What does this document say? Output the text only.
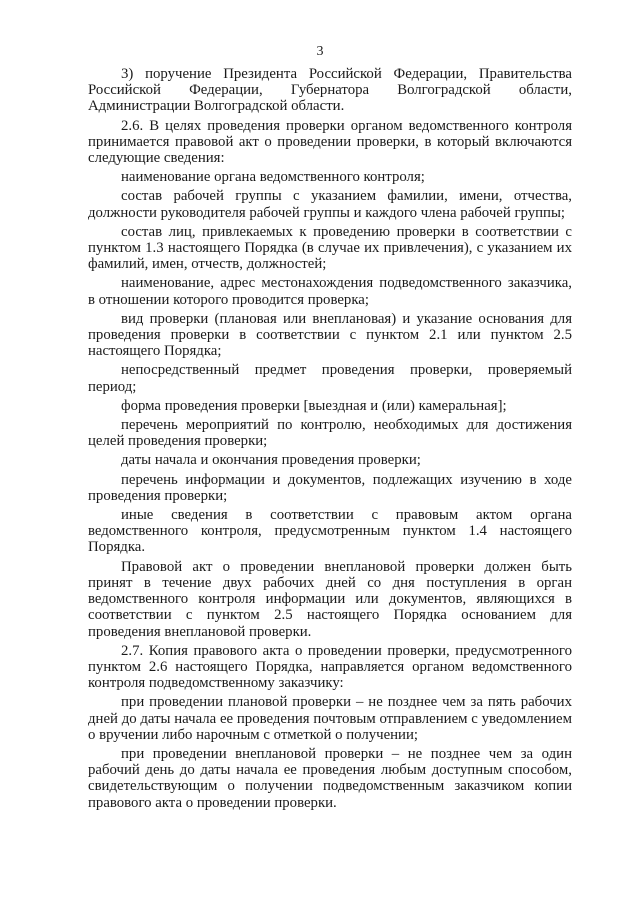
3

3) поручение Президента Российской Федерации, Правительства Российской Федерации, Губернатора Волгоградской области, Администрации Волгоградской области.

2.6. В целях проведения проверки органом ведомственного контроля принимается правовой акт о проведении проверки, в который включаются следующие сведения:

наименование органа ведомственного контроля;

состав рабочей группы с указанием фамилии, имени, отчества, должности руководителя рабочей группы и каждого члена рабочей группы;

состав лиц, привлекаемых к проведению проверки в соответствии с пунктом 1.3 настоящего Порядка (в случае их привлечения), с указанием их фамилий, имен, отчеств, должностей;

наименование, адрес местонахождения подведомственного заказчика, в отношении которого проводится проверка;

вид проверки (плановая или внеплановая) и указание основания для проведения проверки в соответствии с пунктом 2.1 или пунктом 2.5 настоящего Порядка;

непосредственный предмет проведения проверки, проверяемый период;

форма проведения проверки [выездная и (или) камеральная];

перечень мероприятий по контролю, необходимых для достижения целей проведения проверки;

даты начала и окончания проведения проверки;

перечень информации и документов, подлежащих изучению в ходе проведения проверки;

иные сведения в соответствии с правовым актом органа ведомственного контроля, предусмотренным пунктом 1.4 настоящего Порядка.

Правовой акт о проведении внеплановой проверки должен быть принят в течение двух рабочих дней со дня поступления в орган ведомственного контроля информации или документов, являющихся в соответствии с пунктом 2.5 настоящего Порядка основанием для проведения внеплановой проверки.

2.7. Копия правового акта о проведении проверки, предусмотренного пунктом 2.6 настоящего Порядка, направляется органом ведомственного контроля подведомственному заказчику:

при проведении плановой проверки – не позднее чем за пять рабочих дней до даты начала ее проведения почтовым отправлением с уведомлением о вручении либо нарочным с отметкой о получении;

при проведении внеплановой проверки – не позднее чем за один рабочий день до даты начала ее проведения любым доступным способом, свидетельствующим о получении подведомственным заказчиком копии правового акта о проведении проверки.
